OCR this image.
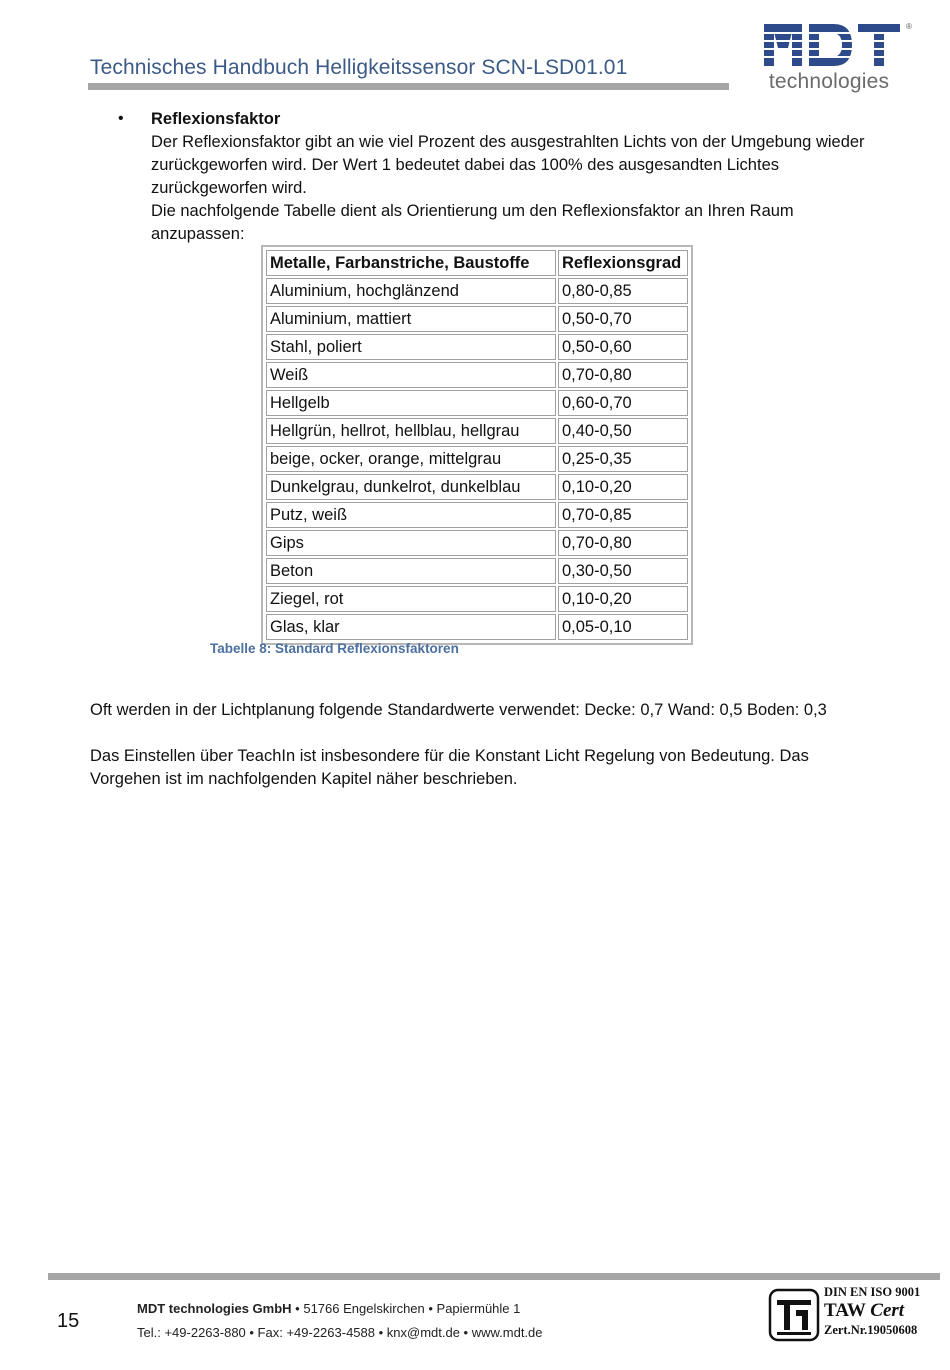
Technisches Handbuch Helligkeitssensor SCN-LSD01.01
®
technologies
• Reflexionsfaktor
Der Reflexionsfaktor gibt an wie viel Prozent des ausgestrahlten Lichts von der Umgebung wieder zurückgeworfen wird. Der Wert 1 bedeutet dabei das 100% des ausgesandten Lichtes zurückgeworfen wird.
Die nachfolgende Tabelle dient als Orientierung um den Reflexionsfaktor an Ihren Raum anzupassen:
Metalle, Farbanstriche, Baustoffe	Reflexionsgrad
Aluminium, hochglänzend	0,80-0,85
Aluminium, mattiert	0,50-0,70
Stahl, poliert	0,50-0,60
Weiß	0,70-0,80
Hellgelb	0,60-0,70
Hellgrün, hellrot, hellblau, hellgrau	0,40-0,50
beige, ocker, orange, mittelgrau	0,25-0,35
Dunkelgrau, dunkelrot, dunkelblau	0,10-0,20
Putz, weiß	0,70-0,85
Gips	0,70-0,80
Beton	0,30-0,50
Ziegel, rot	0,10-0,20
Glas, klar	0,05-0,10
Tabelle 8: Standard Reflexionsfaktoren
Oft werden in der Lichtplanung folgende Standardwerte verwendet: Decke: 0,7 Wand: 0,5 Boden: 0,3
Das Einstellen über TeachIn ist insbesondere für die Konstant Licht Regelung von Bedeutung. Das Vorgehen ist im nachfolgenden Kapitel näher beschrieben.
15
MDT technologies GmbH • 51766 Engelskirchen • Papiermühle 1
Tel.: +49-2263-880 • Fax: +49-2263-4588 • knx@mdt.de • www.mdt.de
DIN EN ISO 9001
TAW Cert
Zert.Nr.19050608
